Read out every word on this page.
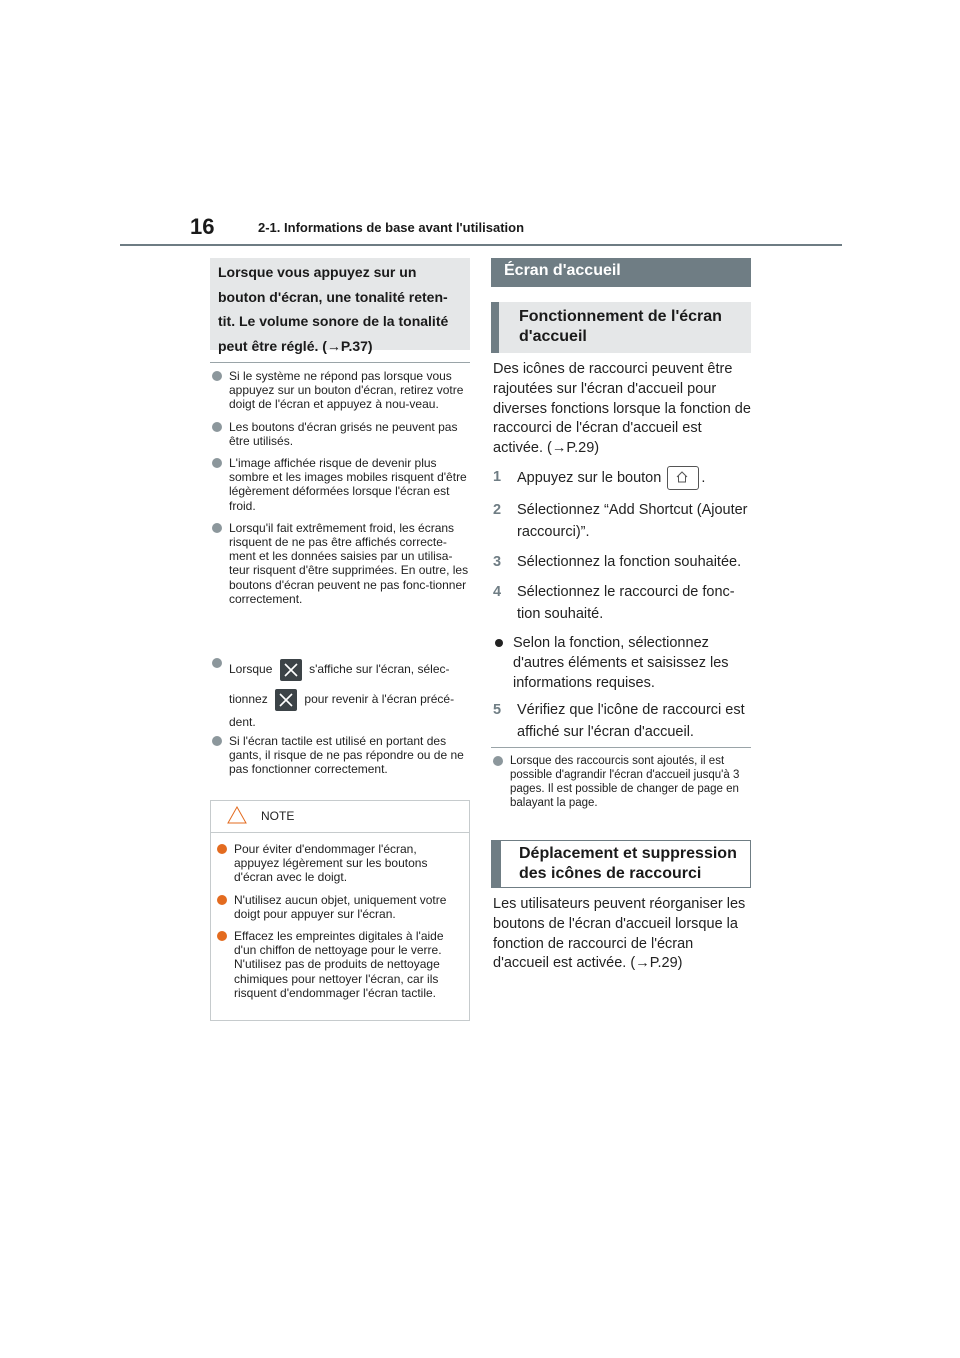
16	2-1. Informations de base avant l'utilisation
Lorsque vous appuyez sur un
bouton d'écran, une tonalité reten-
tit. Le volume sonore de la tonalité
peut être réglé. (→P.37)
Si le système ne répond pas lorsque vous appuyez sur un bouton d'écran, retirez votre doigt de l'écran et appuyez à nou-veau.
Les boutons d'écran grisés ne peuvent pas être utilisés.
L'image affichée risque de devenir plus sombre et les images mobiles risquent d'être légèrement déformées lorsque l'écran est froid.
Lorsqu'il fait extrêmement froid, les écrans risquent de ne pas être affichés correcte-ment et les données saisies par un utilisa-teur risquent d'être supprimées. En outre, les boutons d'écran peuvent ne pas fonc-tionner correctement.
Lorsque	s'affiche sur l'écran, sélec-
tionnez	pour revenir à l'écran précé-
dent.
Si l'écran tactile est utilisé en portant des gants, il risque de ne pas répondre ou de ne pas fonctionner correctement.
NOTE
Pour éviter d'endommager l'écran, appuyez légèrement sur les boutons d'écran avec le doigt.
N'utilisez aucun objet, uniquement votre doigt pour appuyer sur l'écran.
Effacez les empreintes digitales à l'aide d'un chiffon de nettoyage pour le verre. N'utilisez pas de produits de nettoyage chimiques pour nettoyer l'écran, car ils risquent d'endommager l'écran tactile.
Écran d'accueil
Fonctionnement de l'écran
d'accueil
Des icônes de raccourci peuvent être rajoutées sur l'écran d'accueil pour diverses fonctions lorsque la fonction de raccourci de l'écran d'accueil est activée. (→P.29)
1 Appuyez sur le bouton	.
2 Sélectionnez “Add Shortcut (Ajouter raccourci)”.
3 Sélectionnez la fonction souhaitée.
4 Sélectionnez le raccourci de fonc-tion souhaité.
Selon la fonction, sélectionnez d'autres éléments et saisissez les informations requises.
5 Vérifiez que l'icône de raccourci est affiché sur l'écran d'accueil.
Lorsque des raccourcis sont ajoutés, il est possible d'agrandir l'écran d'accueil jusqu'à 3 pages. Il est possible de changer de page en balayant la page.
Déplacement et suppression
des icônes de raccourci
Les utilisateurs peuvent réorganiser les boutons de l'écran d'accueil lorsque la fonction de raccourci de l'écran d'accueil est activée. (→P.29)
